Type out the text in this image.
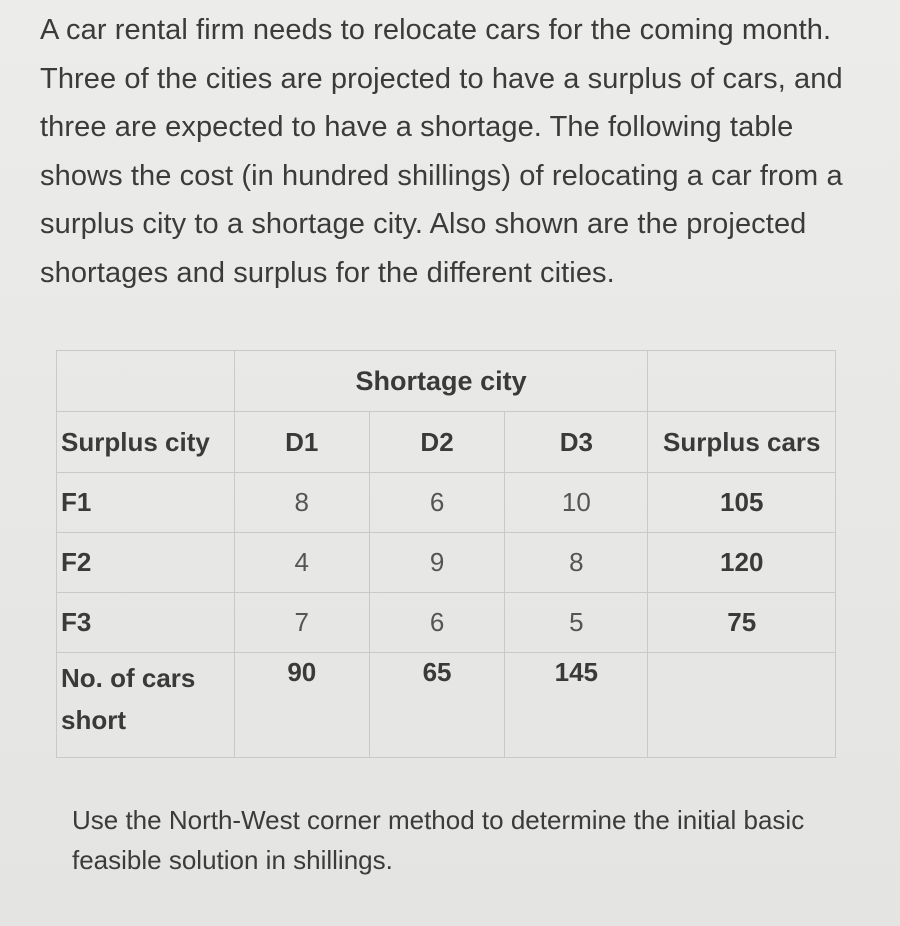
A car rental firm needs to relocate cars for the coming month. Three of the cities are projected to have a surplus of cars, and three are expected to have a shortage. The following table shows the cost (in hundred shillings) of relocating a car from a surplus city to a shortage city. Also shown are the projected shortages and surplus for the different cities.

	Shortage city			
Surplus city	D1	D2	D3	Surplus cars
F1	8	6	10	105
F2	4	9	8	120
F3	7	6	5	75
No. of cars short	90	65	145	

Use the North-West corner method to determine the initial basic feasible solution in shillings.
